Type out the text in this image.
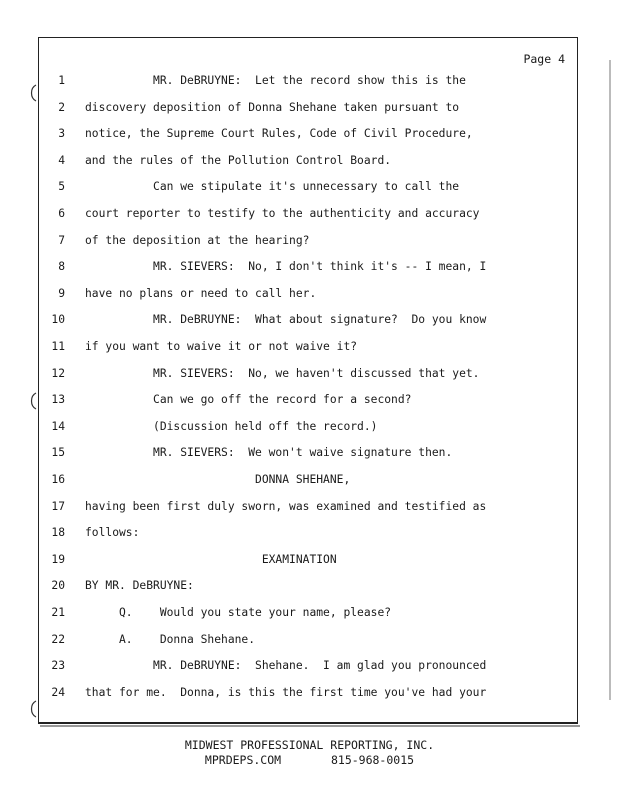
Page 4
1 MR. DeBRUYNE:  Let the record show this is the
2 discovery deposition of Donna Shehane taken pursuant to
3 notice, the Supreme Court Rules, Code of Civil Procedure,
4 and the rules of the Pollution Control Board.
5 Can we stipulate it's unnecessary to call the
6 court reporter to testify to the authenticity and accuracy
7 of the deposition at the hearing?
8 MR. SIEVERS:  No, I don't think it's -- I mean, I
9 have no plans or need to call her.
10 MR. DeBRUYNE:  What about signature?  Do you know
11 if you want to waive it or not waive it?
12 MR. SIEVERS:  No, we haven't discussed that yet.
13 Can we go off the record for a second?
14 (Discussion held off the record.)
15 MR. SIEVERS:  We won't waive signature then.
16 DONNA SHEHANE,
17 having been first duly sworn, was examined and testified as
18 follows:
19 EXAMINATION
20 BY MR. DeBRUYNE:
21 Q.    Would you state your name, please?
22 A.    Donna Shehane.
23 MR. DeBRUYNE:  Shehane.  I am glad you pronounced
24 that for me.  Donna, is this the first time you've had your
MIDWEST PROFESSIONAL REPORTING, INC.
MPRDEPS.COM	815-968-0015
